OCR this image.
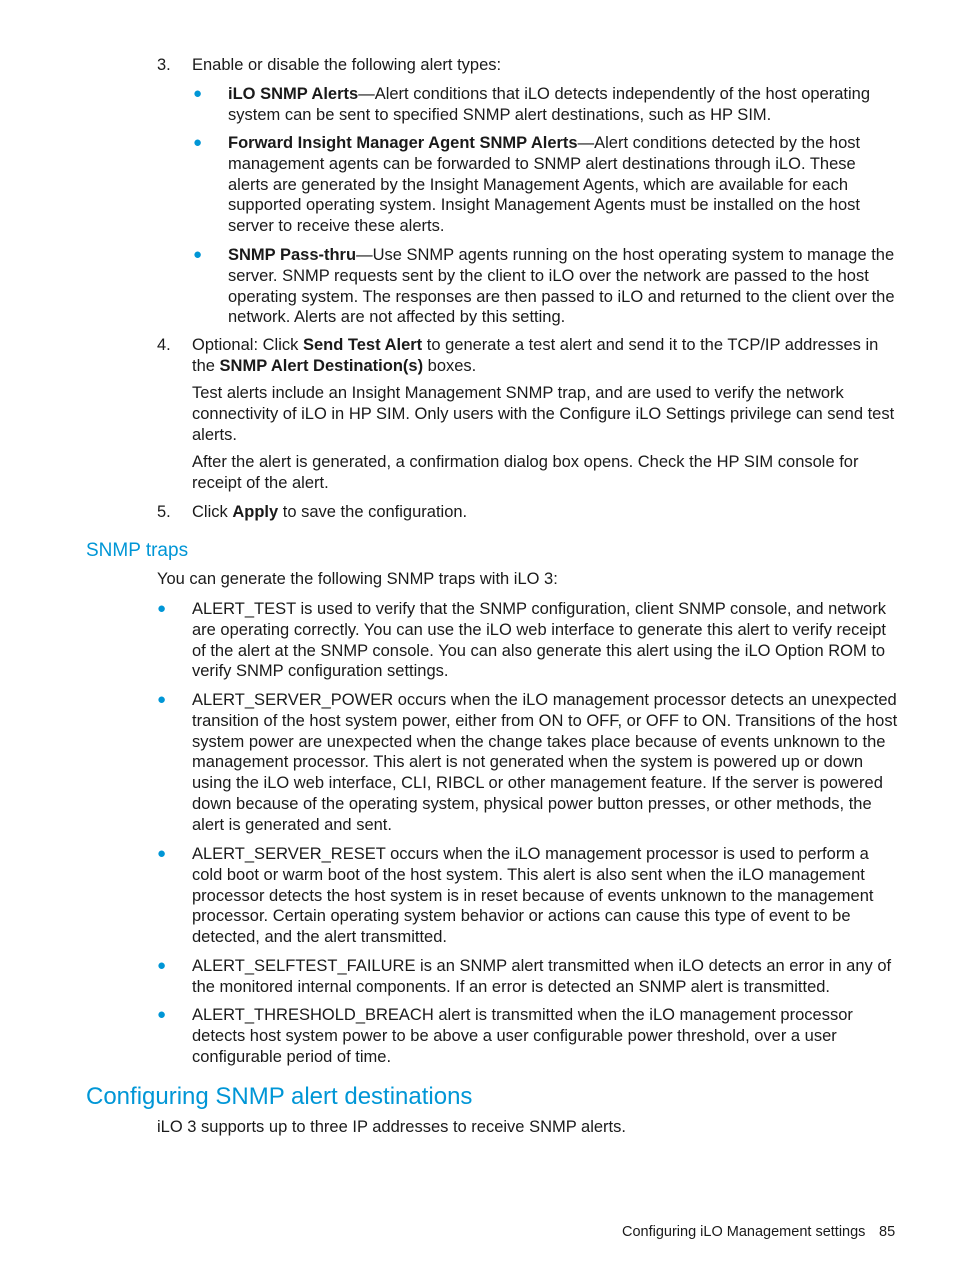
3. Enable or disable the following alert types:
● iLO SNMP Alerts—Alert conditions that iLO detects independently of the host operating system can be sent to specified SNMP alert destinations, such as HP SIM.
● Forward Insight Manager Agent SNMP Alerts—Alert conditions detected by the host management agents can be forwarded to SNMP alert destinations through iLO. These alerts are generated by the Insight Management Agents, which are available for each supported operating system. Insight Management Agents must be installed on the host server to receive these alerts.
● SNMP Pass-thru—Use SNMP agents running on the host operating system to manage the server. SNMP requests sent by the client to iLO over the network are passed to the host operating system. The responses are then passed to iLO and returned to the client over the network. Alerts are not affected by this setting.
4. Optional: Click Send Test Alert to generate a test alert and send it to the TCP/IP addresses in the SNMP Alert Destination(s) boxes.
Test alerts include an Insight Management SNMP trap, and are used to verify the network connectivity of iLO in HP SIM. Only users with the Configure iLO Settings privilege can send test alerts.
After the alert is generated, a confirmation dialog box opens. Check the HP SIM console for receipt of the alert.
5. Click Apply to save the configuration.
SNMP traps
You can generate the following SNMP traps with iLO 3:
● ALERT_TEST is used to verify that the SNMP configuration, client SNMP console, and network are operating correctly. You can use the iLO web interface to generate this alert to verify receipt of the alert at the SNMP console. You can also generate this alert using the iLO Option ROM to verify SNMP configuration settings.
● ALERT_SERVER_POWER occurs when the iLO management processor detects an unexpected transition of the host system power, either from ON to OFF, or OFF to ON. Transitions of the host system power are unexpected when the change takes place because of events unknown to the management processor. This alert is not generated when the system is powered up or down using the iLO web interface, CLI, RIBCL or other management feature. If the server is powered down because of the operating system, physical power button presses, or other methods, the alert is generated and sent.
● ALERT_SERVER_RESET occurs when the iLO management processor is used to perform a cold boot or warm boot of the host system. This alert is also sent when the iLO management processor detects the host system is in reset because of events unknown to the management processor. Certain operating system behavior or actions can cause this type of event to be detected, and the alert transmitted.
● ALERT_SELFTEST_FAILURE is an SNMP alert transmitted when iLO detects an error in any of the monitored internal components. If an error is detected an SNMP alert is transmitted.
● ALERT_THRESHOLD_BREACH alert is transmitted when the iLO management processor detects host system power to be above a user configurable power threshold, over a user configurable period of time.
Configuring SNMP alert destinations
iLO 3 supports up to three IP addresses to receive SNMP alerts.
Configuring iLO Management settings 85
